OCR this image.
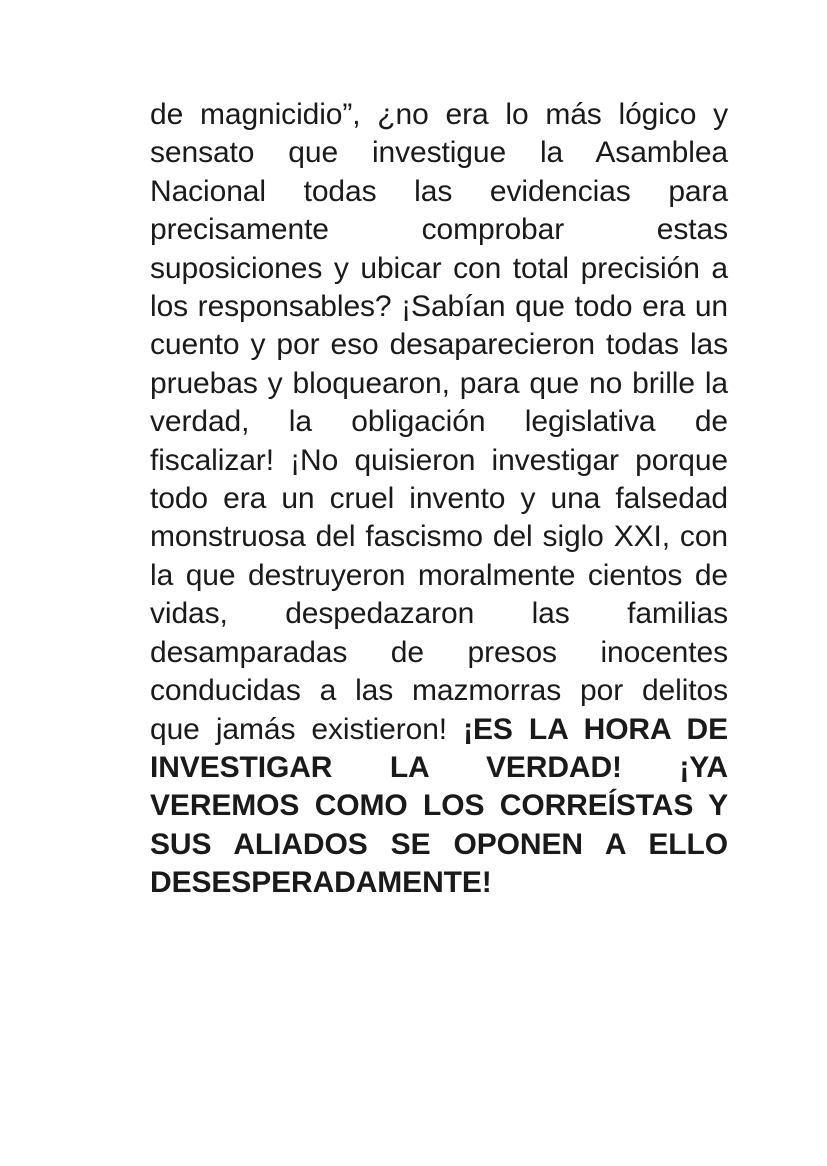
de magnicidio”, ¿no era lo más lógico y sensato que investigue la Asamblea Nacional todas las evidencias para precisamente comprobar estas suposiciones y ubicar con total precisión a los responsables? ¡Sabían que todo era un cuento y por eso desaparecieron todas las pruebas y bloquearon, para que no brille la verdad, la obligación legislativa de fiscalizar! ¡No quisieron investigar porque todo era un cruel invento y una falsedad monstruosa del fascismo del siglo XXI, con la que destruyeron moralmente cientos de vidas, despedazaron las familias desamparadas de presos inocentes conducidas a las mazmorras por delitos que jamás existieron! ¡ES LA HORA DE INVESTIGAR LA VERDAD! ¡YA VEREMOS COMO LOS CORREÍSTAS Y SUS ALIADOS SE OPONEN A ELLO DESESPERADAMENTE!
